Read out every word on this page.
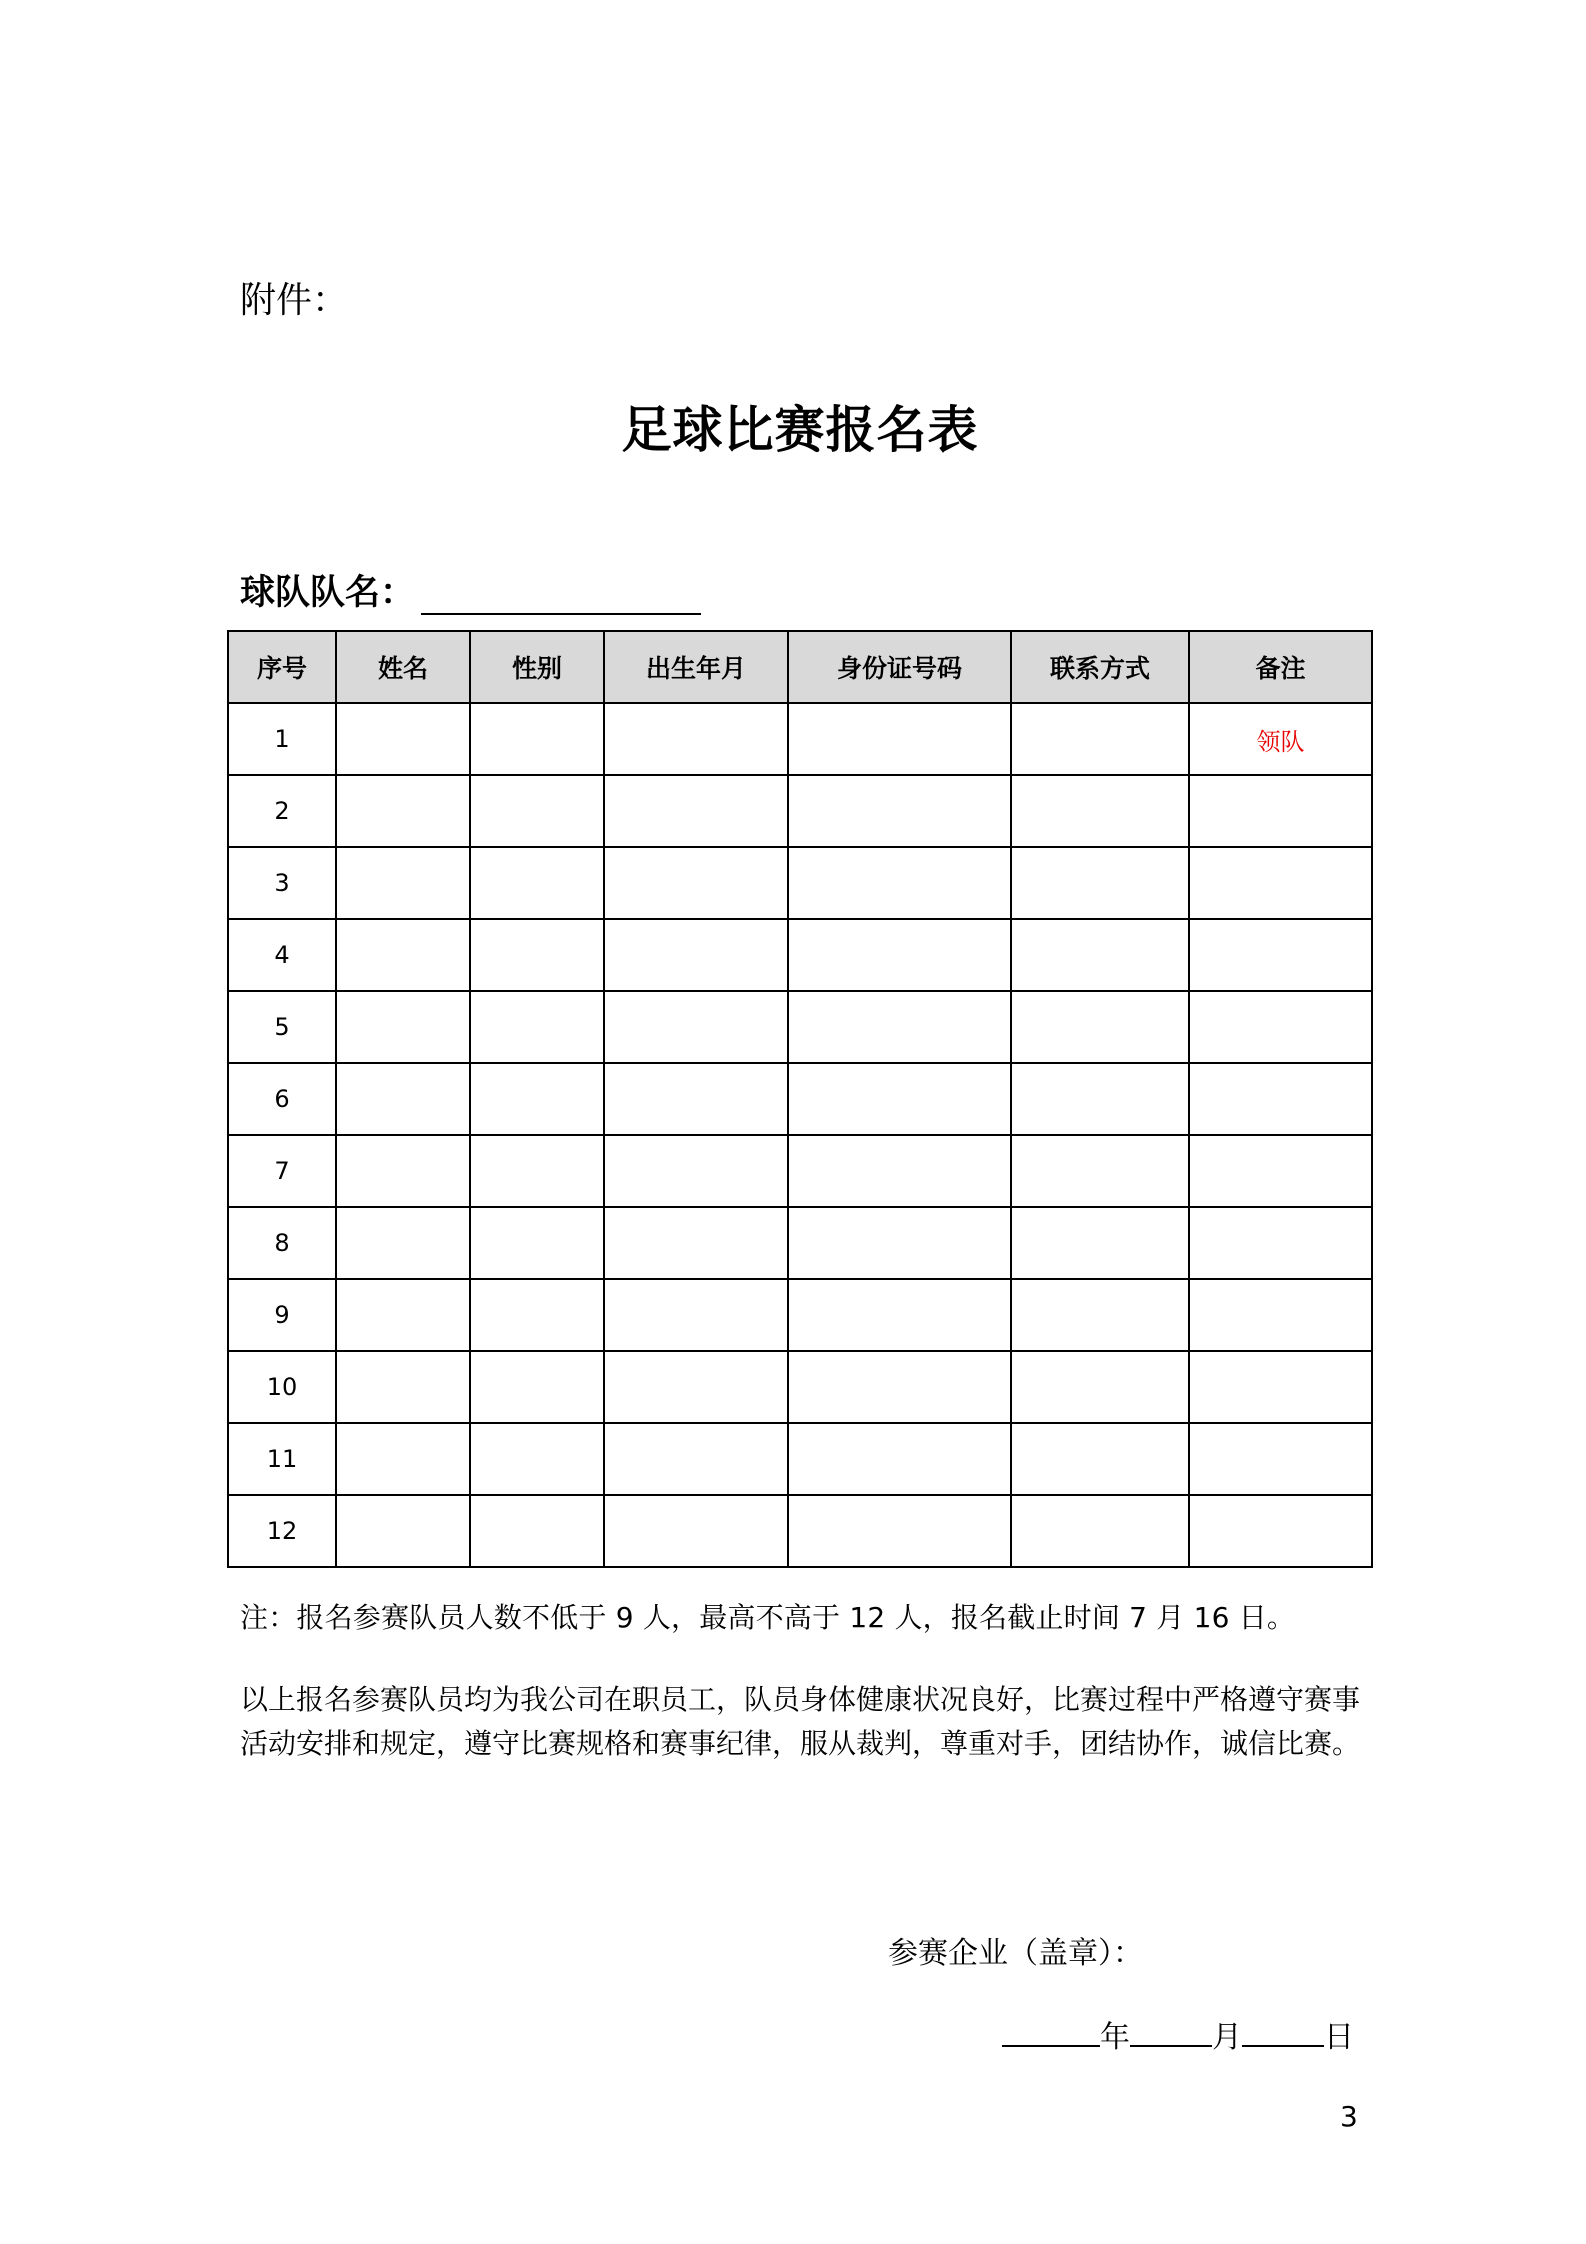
附件：
足球比赛报名表
球队队名：
序号	姓名	性别	出生年月	身份证号码	联系方式	备注
1						领队
2						
3						
4						
5						
6						
7						
8						
9						
10						
11						
12						
注：报名参赛队员人数不低于 9 人，最高不高于 12 人，报名截止时间 7 月 16 日。
以上报名参赛队员均为我公司在职员工，队员身体健康状况良好，比赛过程中严格遵守赛事
活动安排和规定，遵守比赛规格和赛事纪律，服从裁判，尊重对手，团结协作，诚信比赛。
参赛企业（盖章）：
年	月	日
3
